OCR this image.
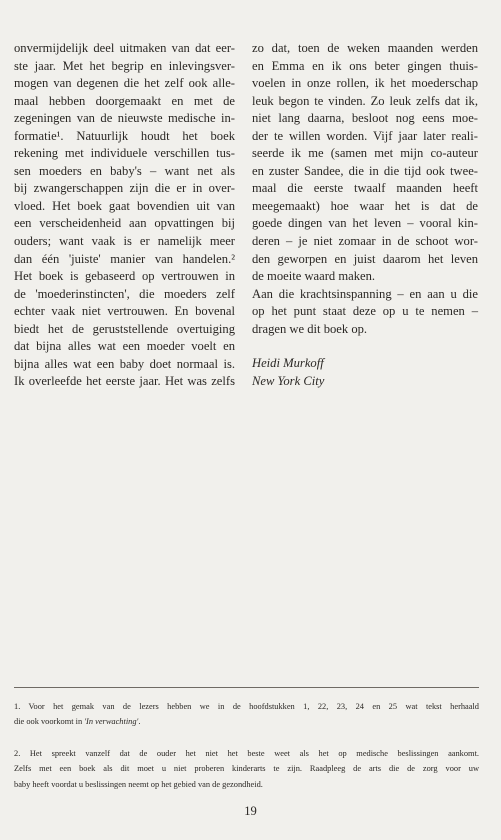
onvermijdelijk deel uitmaken van dat eer-
ste jaar. Met het begrip en inlevingsver-
mogen van degenen die het zelf ook alle-
maal hebben doorgemaakt en met de
zegeningen van de nieuwste medische in-
formatie¹. Natuurlijk houdt het boek
rekening met individuele verschillen tus-
sen moeders en baby's – want net als
bij zwangerschappen zijn die er in over-
vloed. Het boek gaat bovendien uit van
een verscheidenheid aan opvattingen bij
ouders; want vaak is er namelijk meer
dan één 'juiste' manier van handelen.²
Het boek is gebaseerd op vertrouwen in
de 'moederinstincten', die moeders zelf
echter vaak niet vertrouwen. En bovenal
biedt het de geruststellende overtuiging
dat bijna alles wat een moeder voelt en
bijna alles wat een baby doet normaal is.
Ik overleefde het eerste jaar. Het was zelfs
zo dat, toen de weken maanden werden
en Emma en ik ons beter gingen thuis-
voelen in onze rollen, ik het moederschap
leuk begon te vinden. Zo leuk zelfs dat ik,
niet lang daarna, besloot nog eens moe-
der te willen worden. Vijf jaar later reali-
seerde ik me (samen met mijn co-auteur
en zuster Sandee, die in die tijd ook twee-
maal die eerste twaalf maanden heeft
meegemaakt) hoe waar het is dat de
goede dingen van het leven – vooral kin-
deren – je niet zomaar in de schoot wor-
den geworpen en juist daarom het leven
de moeite waard maken.
Aan die krachtsinspanning – en aan u die
op het punt staat deze op u te nemen –
dragen we dit boek op.
Heidi Murkoff
New York City
1. Voor het gemak van de lezers hebben we in de hoofdstukken 1, 22, 23, 24 en 25 wat tekst herhaald
die ook voorkomt in 'In verwachting'.
2. Het spreekt vanzelf dat de ouder het niet het beste weet als het op medische beslissingen aankomt.
Zelfs met een boek als dit moet u niet proberen kinderarts te zijn. Raadpleeg de arts die de zorg voor uw
baby heeft voordat u beslissingen neemt op het gebied van de gezondheid.
19
